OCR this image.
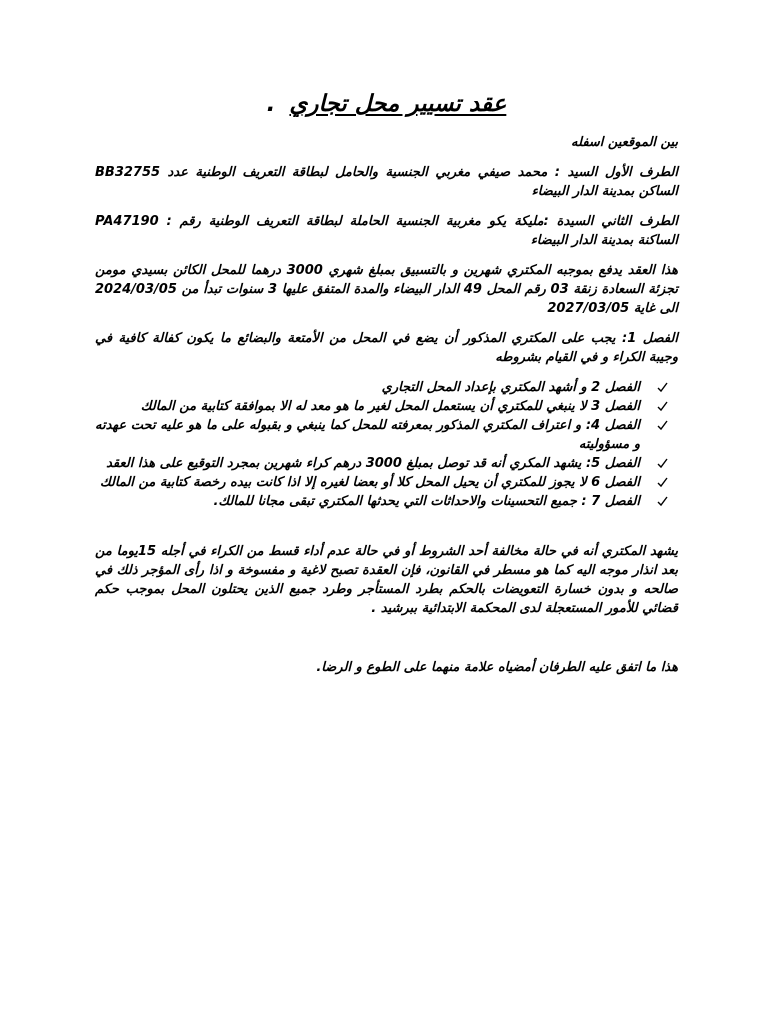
عقد تسيير محل تجاري.

بين الموقعين اسفله

الطرف الأول السيد : محمد صيفي مغربي الجنسية والحامل لبطاقة التعريف الوطنية عدد BB32755 الساكن بمدينة الدار البيضاء

الطرف الثاني السيدة :مليكة يكو مغربية الجنسية الحاملة لبطاقة التعريف الوطنية رقم : PA47190 الساكنة بمدينة الدار البيضاء

هذا العقد يدفع بموجبه المكتري شهرين و بالتسبيق بمبلغ شهري 3000 درهما للمحل الكائن بسيدي مومن تجزئة السعادة زنقة 03 رقم المحل 49 الدار البيضاء والمدة المتفق عليها 3 سنوات تبدأ من 2024/03/05 الى غاية 2027/03/05

الفصل 1: يجب على المكتري المذكور أن يضع في المحل من الأمتعة والبضائع ما يكون كفالة كافية في وجيبة الكراء و في القيام بشروطه

الفصل 2 و أشهد المكتري بإعداد المحل التجاري
الفصل 3 لا ينبغي للمكتري أن يستعمل المحل لغير ما هو معد له الا بموافقة كتابية من المالك
الفصل 4: و اعتراف المكتري المذكور بمعرفته للمحل كما ينبغي و بقبوله على ما هو عليه تحت عهدته و مسؤوليته
الفصل 5: يشهد المكري أنه قد توصل بمبلغ 3000 درهم كراء شهرين بمجرد التوقيع على هذا العقد
الفصل 6 لا يجوز للمكتري أن يحيل المحل كلا أو بعضا لغيره إلا اذا كانت بيده رخصة كتابية من المالك
الفصل 7 : جميع التحسينات والاحداثات التي يحدثها المكتري تبقى مجانا للمالك.

يشهد المكتري أنه في حالة مخالفة أحد الشروط أو في حالة عدم أداء قسط من الكراء في أجله 15يوما من بعد انذار موجه اليه كما هو مسطر في القانون، فإن العقدة تصبح لاغية و مفسوخة و اذا رأى المؤجر ذلك في صالحه و بدون خسارة التعويضات بالحكم بطرد المستأجر وطرد جميع الذين يحتلون المحل بموجب حكم قضائي للأمور المستعجلة لدى المحكمة الابتدائية ببرشيد .

هذا ما اتفق عليه الطرفان أمضياه علامة منهما على الطوع و الرضا.
